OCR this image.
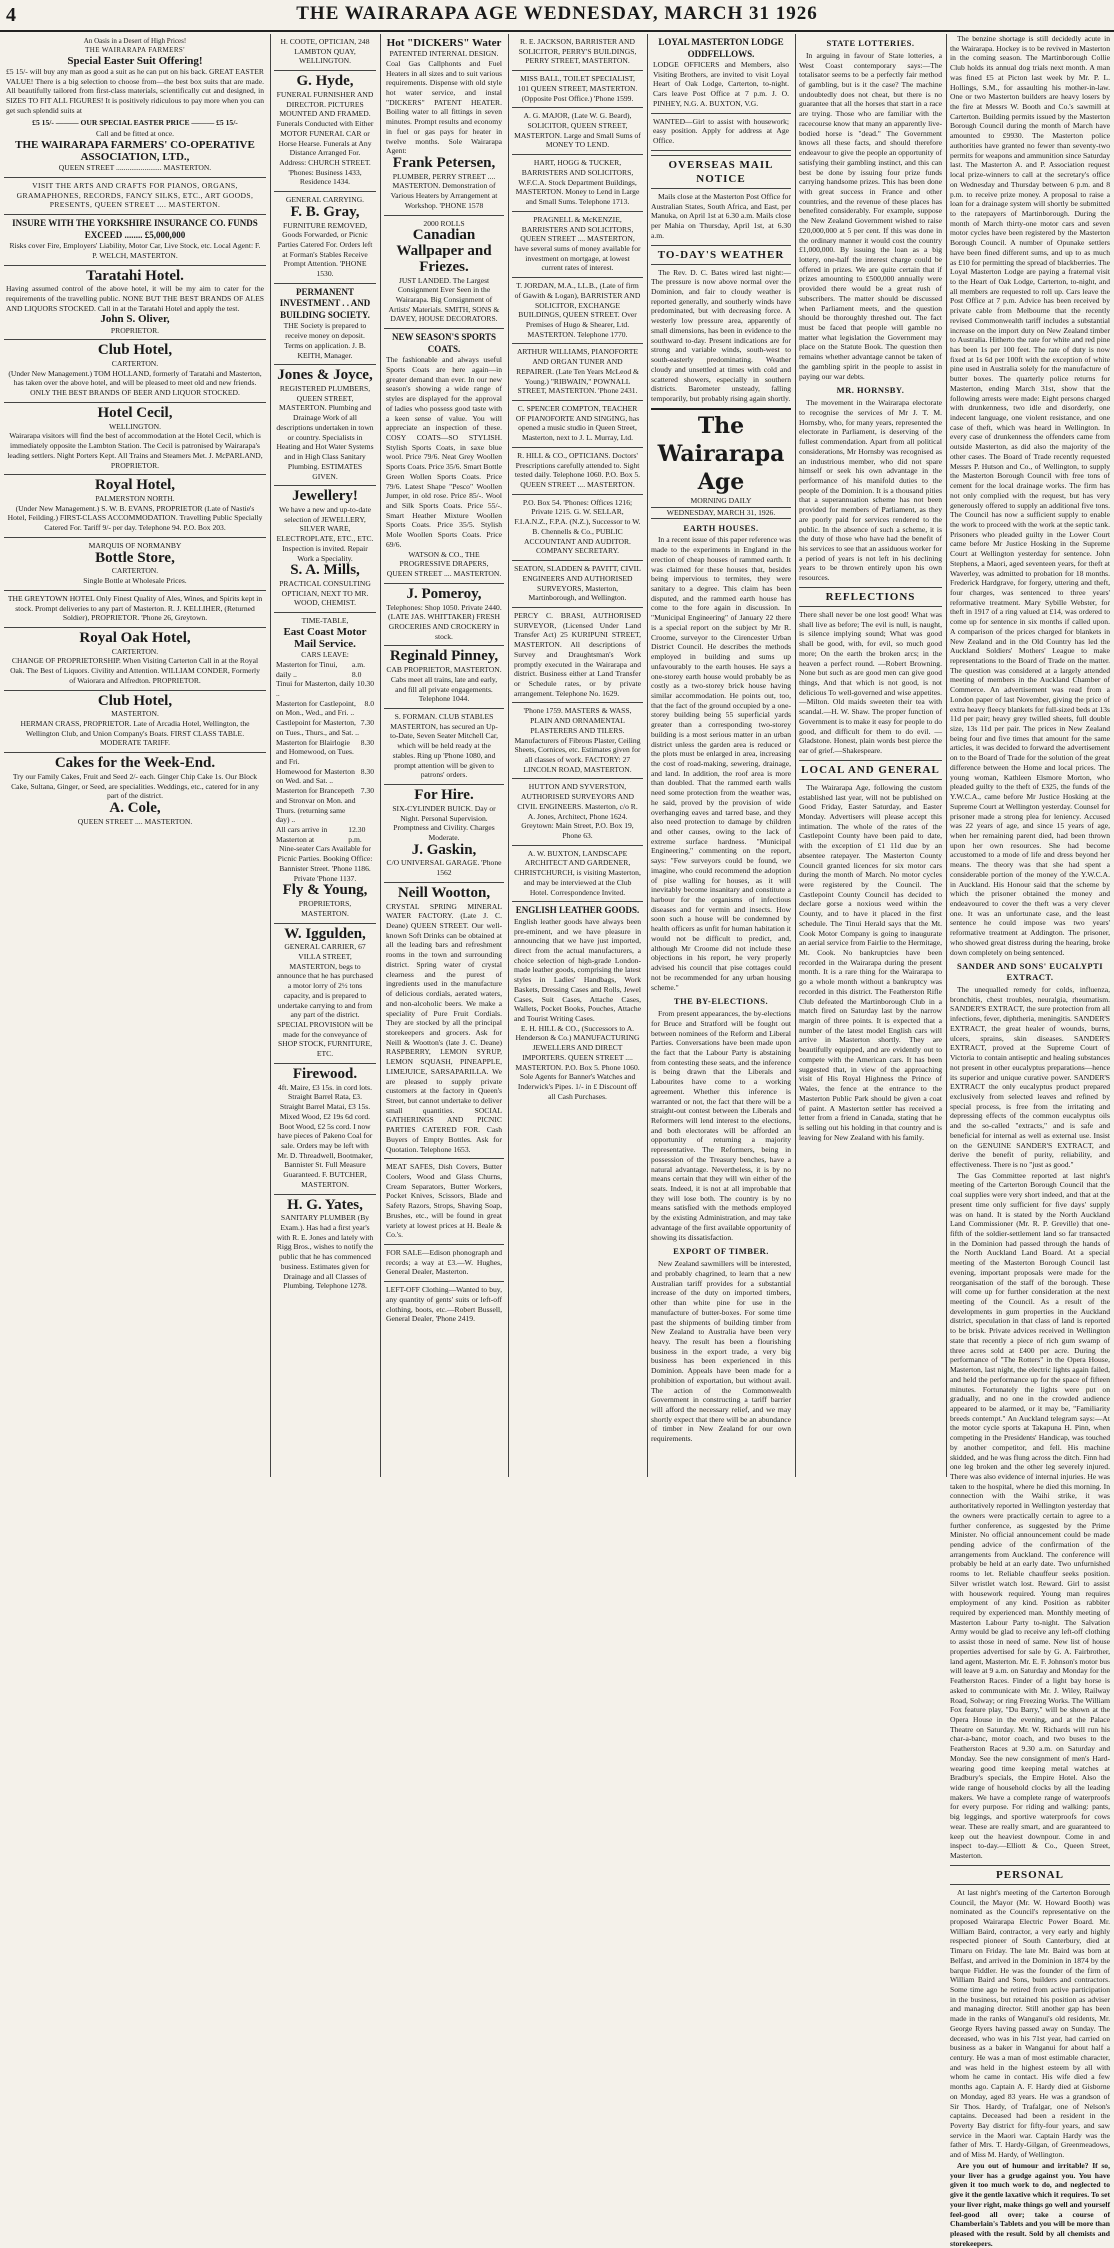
4	THE WAIRARAPA AGE WEDNESDAY, MARCH 31 1926

An Oasis in a Desert of High Prices!

THE WAIRARAPA FARMERS'

Special Easter Suit Offering!

£5 15/- will buy any man as good a suit as he can put on his back. GREAT EASTER VALUE! There is a big selection to choose from—the best box suits that are made. All beautifully tailored from first-class materials, scientifically cut and designed, in SIZES TO FIT ALL FIGURES! It is positively ridiculous to pay more when you can get such splendid suits at

£5 15/- ——— OUR SPECIAL EASTER PRICE ——— £5 15/-

Call and be fitted at once.

THE WAIRARAPA FARMERS' CO-OPERATIVE ASSOCIATION, LTD.,

QUEEN STREET ........................ MASTERTON.

VISIT THE ARTS AND CRAFTS FOR PIANOS, ORGANS, GRAMAPHONES, RECORDS, FANCY SILKS, ETC., ART GOODS, PRESENTS, QUEEN STREET .... MASTERTON.

INSURE WITH THE YORKSHIRE INSURANCE CO. FUNDS EXCEED ........ £5,000,000

Risks cover Fire, Employers' Liability, Motor Car, Live Stock, etc. Local Agent: F. P. WELCH, MASTERTON.

Taratahi Hotel.

Having assumed control of the above hotel, it will be my aim to cater for the requirements of the travelling public. NONE BUT THE BEST BRANDS OF ALES AND LIQUORS STOCKED. Call in at the Taratahi Hotel and apply the test.

John S. Oliver,

PROPRIETOR.

Club Hotel,

CARTERTON.

(Under New Management.) TOM HOLLAND, formerly of Taratahi and Masterton, has taken over the above hotel, and will be pleased to meet old and new friends. ONLY THE BEST BRANDS OF BEER AND LIQUOR STOCKED.

Hotel Cecil,

WELLINGTON.

Wairarapa visitors will find the best of accommodation at the Hotel Cecil, which is immediately opposite the Lambton Station. The Cecil is patronised by Wairarapa's leading settlers. Night Porters Kept. All Trains and Steamers Met. J. McPARLAND, PROPRIETOR.

Royal Hotel,

PALMERSTON NORTH.

(Under New Management.) S. W. B. EVANS, PROPRIETOR (Late of Nastie's Hotel, Feilding.) FIRST-CLASS ACCOMMODATION. Travelling Public Specially Catered For. Tariff 9/- per day. Telephone 94. P.O. Box 203.

MARQUIS OF NORMANBY

Bottle Store,

CARTERTON.

Single Bottle at Wholesale Prices.

THE GREYTOWN HOTEL Only Finest Quality of Ales, Wines, and Spirits kept in stock. Prompt deliveries to any part of Masterton. R. J. KELLIHER, (Returned Soldier), PROPRIETOR. 'Phone 26, Greytown.

Royal Oak Hotel,

CARTERTON.

CHANGE OF PROPRIETORSHIP. When Visiting Carterton Call in at the Royal Oak. The Best of Liquors. Civility and Attention. WILLIAM CONDER, Formerly of Waiorara and Alfredton. PROPRIETOR.

Club Hotel,

MASTERTON.

HERMAN CRASS, PROPRIETOR. Late of Arcadia Hotel, Wellington, the Wellington Club, and Union Company's Boats. FIRST CLASS TABLE. MODERATE TARIFF.

Cakes for the Week-End.

Try our Family Cakes, Fruit and Seed 2/- each. Ginger Chip Cake 1s. Our Block Cake, Sultana, Ginger, or Seed, are specialities. Weddings, etc., catered for in any part of the district.

A. Cole,

QUEEN STREET .... MASTERTON.

H. COOTE, OPTICIAN, 248 LAMBTON QUAY, WELLINGTON.

G. Hyde,

FUNERAL FURNISHER AND DIRECTOR. PICTURES MOUNTED AND FRAMED. Funerals Conducted with Either MOTOR FUNERAL CAR or Horse Hearse. Funerals at Any Distance Arranged For. Address: CHURCH STREET. 'Phones: Business 1433, Residence 1434.

GENERAL CARRYING.

F. B. Gray,

FURNITURE REMOVED, Goods Forwarded, or Picnic Parties Catered For. Orders left at Forman's Stables Receive Prompt Attention. 'PHONE 1530.

PERMANENT INVESTMENT . . AND BUILDING SOCIETY.

THE Society is prepared to receive money on deposit. Terms on application. J. B. KEITH, Manager.

Jones & Joyce,

REGISTERED PLUMBERS, QUEEN STREET, MASTERTON. Plumbing and Drainage Work of all descriptions undertaken in town or country. Specialists in Heating and Hot Water Systems and in High Class Sanitary Plumbing. ESTIMATES GIVEN.

Jewellery!

We have a new and up-to-date selection of JEWELLERY, SILVER WARE, ELECTROPLATE, ETC., ETC. Inspection is invited. Repair Work a Speciality.

S. A. Mills,

PRACTICAL CONSULTING OPTICIAN, NEXT TO MR. WOOD, CHEMIST.

TIME-TABLE,

East Coast Motor Mail Service.

CARS LEAVE:

Masterton for Tinui, daily ..
a.m. 8.0
Tinui for Masterton, daily ..
10.30
Masterton for Castlepoint, on Mon., Wed., and Fri. ..
8.0
Castlepoint for Masterton, on Tues., Thurs., and Sat. ..
7.30
Masterton for Blairlogie and Homewood, on Tues. and Fri.
8.30
Homewood for Masterton on Wed. and Sat. ..
8.30
Masterton for Brancepeth and Stronvar on Mon. and Thurs. (returning same day) ..
7.30
All cars arrive in Masterton at
12.30 p.m.

Nine-seater Cars Available for Picnic Parties. Booking Office: Bannister Street. 'Phone 1186. Private 'Phone 1137.

Fly & Young,

PROPRIETORS, MASTERTON.

W. Iggulden,

GENERAL CARRIER, 67 VILLA STREET, MASTERTON, begs to announce that he has purchased a motor lorry of 2½ tons capacity, and is prepared to undertake carrying to and from any part of the district. SPECIAL PROVISION will be made for the conveyance of SHOP STOCK, FURNITURE, ETC.

Firewood.

4ft. Maire, £3 15s. in cord lots. Straight Barrel Rata, £3. Straight Barrel Matai, £3 15s. Mixed Wood, £2 19s 6d cord. Boot Wood, £2 5s cord. I now have pieces of Pakeno Coal for sale. Orders may be left with Mr. D. Threadwell, Bootmaker, Bannister St. Full Measure Guaranteed. F. BUTCHER, MASTERTON.

H. G. Yates,

SANITARY PLUMBER (By Exam.). Has had a first year's with R. E. Jones and lately with Rigg Bros., wishes to notify the public that he has commenced business. Estimates given for Drainage and all Classes of Plumbing. Telephone 1278.

Hot "DICKERS" Water

PATENTED INTERNAL DESIGN.

Coal Gas Callphonts and Fuel Heaters in all sizes and to suit various requirements. Dispense with old style hot water service, and instal "DICKERS" PATENT HEATER. Boiling water to all fittings in seven minutes. Prompt results and economy in fuel or gas pays for heater in twelve months. Sole Wairarapa Agent:

Frank Petersen,

PLUMBER, PERRY STREET .... MASTERTON. Demonstration of Various Heaters by Arrangement at Workshop. 'PHONE 1578

2000 ROLLS

Canadian Wallpaper and Friezes.

JUST LANDED. The Largest Consignment Ever Seen in the Wairarapa. Big Consignment of Artists' Materials. SMITH, SONS & DAVEY, HOUSE DECORATORS.

NEW SEASON'S SPORTS COATS.

The fashionable and always useful Sports Coats are here again—in greater demand than ever. In our new season's showing a wide range of styles are displayed for the approval of ladies who possess good taste with a keen sense of value. You will appreciate an inspection of these. COSY COATS—SO STYLISH. Stylish Sports Coats, in saxe blue wool. Price 79/6. Neat Grey Woollen Sports Coats. Price 35/6. Smart Bottle Green Wollen Sports Coats. Price 79/6. Latest Shape "Pesco" Woollen Jumper, in old rose. Price 85/-. Wool and Silk Sports Coats. Price 55/-. Smart Heather Mixture Woollen Sports Coats. Price 35/5. Stylish Mole Woollen Sports Coats. Price 69/6.

WATSON & CO., THE PROGRESSIVE DRAPERS, QUEEN STREET .... MASTERTON.

J. Pomeroy,

Telephones: Shop 1050. Private 2440. (LATE JAS. WHITTAKER) FRESH GROCERIES AND CROCKERY in stock.

Reginald Pinney,

CAB PROPRIETOR, MASTERTON. Cabs meet all trains, late and early, and fill all private engagements. Telephone 1044.

S. FORMAN. CLUB STABLES MASTERTON, has secured an Up-to-Date, Seven Seater Mitchell Car, which will be held ready at the stables. Ring up 'Phone 1080, and prompt attention will be given to patrons' orders.

For Hire.

SIX-CYLINDER BUICK. Day or Night. Personal Supervision. Promptness and Civility. Charges Moderate.

J. Gaskin,

C/O UNIVERSAL GARAGE. 'Phone 1562

Neill Wootton,

CRYSTAL SPRING MINERAL WATER FACTORY. (Late J. C. Deane) QUEEN STREET. Our well-known Soft Drinks can be obtained at all the leading bars and refreshment rooms in the town and surrounding district. Spring water of crystal clearness and the purest of ingredients used in the manufacture of delicious cordials, aerated waters, and non-alcoholic beers. We make a speciality of Pure Fruit Cordials. They are stocked by all the principal storekeepers and grocers. Ask for Neill & Wootton's (late J. C. Deane) RASPBERRY, LEMON SYRUP, LEMON SQUASH, PINEAPPLE, LIMEJUICE, SARSAPARILLA. We are pleased to supply private customers at the factory in Queen's Street, but cannot undertake to deliver small quantities. SOCIAL GATHERINGS AND PICNIC PARTIES CATERED FOR. Cash Buyers of Empty Bottles. Ask for Quotation. Telephone 1653.

MEAT SAFES, Dish Covers, Butter Coolers, Wood and Glass Churns, Cream Separators, Butter Workers, Pocket Knives, Scissors, Blade and Safety Razors, Strops, Shaving Soap, Brushes, etc., will be found in great variety at lowest prices at H. Beale & Co.'s.

FOR SALE—Edison phonograph and records; a way at £3.—W. Hughes, General Dealer, Masterton.

LEFT-OFF Clothing—Wanted to buy, any quantity of gents' suits or left-off clothing, boots, etc.—Robert Bussell, General Dealer, 'Phone 2419.

R. E. JACKSON, BARRISTER AND SOLICITOR, PERRY'S BUILDINGS, PERRY STREET, MASTERTON.

MISS BALL, TOILET SPECIALIST, 101 QUEEN STREET, MASTERTON. (Opposite Post Office.) 'Phone 1599.

A. G. MAJOR, (Late W. G. Beard), SOLICITOR, QUEEN STREET, MASTERTON. Large and Small Sums of MONEY TO LEND.

HART, HOGG & TUCKER, BARRISTERS AND SOLICITORS, W.F.C.A. Stock Department Buildings, MASTERTON. Money to Lend in Large and Small Sums. Telephone 1713.

PRAGNELL & McKENZIE, BARRISTERS AND SOLICITORS, QUEEN STREET .... MASTERTON, have several sums of money available for investment on mortgage, at lowest current rates of interest.

T. JORDAN, M.A., LL.B., (Late of firm of Gawith & Logan), BARRISTER AND SOLICITOR, EXCHANGE BUILDINGS, QUEEN STREET. Over Premises of Hugo & Shearer, Ltd. MASTERTON. Telephone 1770.

ARTHUR WILLIAMS, PIANOFORTE AND ORGAN TUNER AND REPAIRER. (Late Ten Years McLeod & Young.) "RIBWAIN," POWNALL STREET, MASTERTON. 'Phone 2431.

C. SPENCER COMPTON, TEACHER OF PIANOFORTE AND SINGING, has opened a music studio in Queen Street, Masterton, next to J. L. Murray, Ltd.

R. HILL & CO., OPTICIANS. Doctors' Prescriptions carefully attended to. Sight tested daily. Telephone 1060. P.O. Box 5. QUEEN STREET .... MASTERTON.

P.O. Box 54. 'Phones: Offices 1216; Private 1215. G. W. SELLAR, F.I.A.N.Z., F.P.A. (N.Z.), Successor to W. B. Chennells & Co., PUBLIC ACCOUNTANT AND AUDITOR. COMPANY SECRETARY.

SEATON, SLADDEN & PAVITT, CIVIL ENGINEERS AND AUTHORISED SURVEYORS, Masterton, Martinborough, and Wellington.

PERCY C. BRASI, AUTHORISED SURVEYOR, (Licensed Under Land Transfer Act) 25 KURIPUNI STREET, MASTERTON. All descriptions of Survey and Draughtsman's Work promptly executed in the Wairarapa and district. Business either at Land Transfer or Schedule rates, or by private arrangement. Telephone No. 1629.

'Phone 1759. MASTERS & WASS, PLAIN AND ORNAMENTAL PLASTERERS AND TILERS. Manufacturers of Fibrous Plaster, Ceiling Sheets, Cornices, etc. Estimates given for all classes of work. FACTORY: 27 LINCOLN ROAD, MASTERTON.

HUTTON AND SYVERSTON, AUTHORISED SURVEYORS AND CIVIL ENGINEERS. Masterton, c/o R. A. Jones, Architect, Phone 1624. Greytown: Main Street, P.O. Box 19, Phone 63.

A. W. BUXTON, LANDSCAPE ARCHITECT AND GARDENER, CHRISTCHURCH, is visiting Masterton, and may be interviewed at the Club Hotel. Correspondence Invited.

ENGLISH LEATHER GOODS.

English leather goods have always been pre-eminent, and we have pleasure in announcing that we have just imported, direct from the actual manufacturers, a choice selection of high-grade London-made leather goods, comprising the latest styles in Ladies' Handbags, Work Baskets, Dressing Cases and Rolls, Jewel Cases, Suit Cases, Attache Cases, Wallets, Pocket Books, Pouches, Attache and Tourist Writing Cases.

E. H. HILL & CO., (Successors to A. Henderson & Co.) MANUFACTURING JEWELLERS AND DIRECT IMPORTERS. QUEEN STREET .... MASTERTON. P.O. Box 5. Phone 1060. Sole Agents for Banner's Watches and Inderwick's Pipes. 1/- in £ Discount off all Cash Purchases.

LOYAL MASTERTON LODGE ODDFELLOWS.

LODGE OFFICERS and Members, also Visiting Brothers, are invited to visit Loyal Heart of Oak Lodge, Carterton, to-night. Cars leave Post Office at 7 p.m. J. O. PINHEY, N.G. A. BUXTON, V.G.

WANTED—Girl to assist with housework; easy position. Apply for address at Age Office.

OVERSEAS MAIL NOTICE

Mails close at the Masterton Post Office for Australian States, South Africa, and East, per Manuka, on April 1st at 6.30 a.m. Mails close per Mahia on Thursday, April 1st, at 6.30 a.m.

TO-DAY'S WEATHER

The Rev. D. C. Bates wired last night:—The pressure is now above normal over the Dominion, and fair to cloudy weather is reported generally, and southerly winds have predominated, but with decreasing force. A westerly low pressure area, apparently of small dimensions, has been in evidence to the southward to-day. Present indications are for strong and variable winds, south-west to south-easterly predominating. Weather cloudy and unsettled at times with cold and scattered showers, especially in southern districts. Barometer unsteady, falling temporarily, but probably rising again shortly.

The Wairarapa Age

MORNING DAILY

WEDNESDAY, MARCH 31, 1926.

EARTH HOUSES.

In a recent issue of this paper reference was made to the experiments in England in the erection of cheap houses of rammed earth. It was claimed for these houses that, besides being impervious to termites, they were sanitary to a degree. This claim has been disputed, and the rammed earth house has come to the fore again in discussion. In "Municipal Engineering" of January 22 there is a special report on the subject by Mr R. Croome, surveyor to the Cirencester Urban District Council. He describes the methods employed in building and sums up unfavourably to the earth houses. He says a one-storey earth house would probably be as costly as a two-storey brick house having similar accommodation. He points out, too, that the fact of the ground occupied by a one-storey building being 55 superficial yards greater than a corresponding two-storey building is a most serious matter in an urban district unless the garden area is reduced or the plots must be enlarged in area, increasing the cost of road-making, sewering, drainage, and land. In addition, the roof area is more than doubled. That the rammed earth walls need some protection from the weather was, he said, proved by the provision of wide overhanging eaves and tarred base, and they also need protection to damage by children and other causes, owing to the lack of extreme surface hardness. "Municipal Engineering," commenting on the report, says: "Few surveyors could be found, we imagine, who could recommend the adoption of pise walling for houses, as it will inevitably become insanitary and constitute a harbour for the organisms of infectious diseases and for vermin and insects. How soon such a house will be condemned by health officers as unfit for human habitation it would not be difficult to predict, and, although Mr Croome did not include these objections in his report, he very properly advised his council that pise cottages could not be recommended for any urban housing scheme."

THE BY-ELECTIONS.

From present appearances, the by-elections for Bruce and Stratford will be fought out between nominees of the Reform and Liberal Parties. Conversations have been made upon the fact that the Labour Party is abstaining from contesting these seats, and the inference is being drawn that the Liberals and Labourites have come to a working agreement. Whether this inference is warranted or not, the fact that there will be a straight-out contest between the Liberals and Reformers will lend interest to the elections, and both electorates will be afforded an opportunity of returning a majority representative. The Reformers, being in possession of the Treasury benches, have a natural advantage. Nevertheless, it is by no means certain that they will win either of the seats. Indeed, it is not at all improbable that they will lose both. The country is by no means satisfied with the methods employed by the existing Administration, and may take advantage of the first available opportunity of showing its dissatisfaction.

EXPORT OF TIMBER.

New Zealand sawmillers will be interested, and probably chagrined, to learn that a new Australian tariff provides for a substantial increase of the duty on imported timbers, other than white pine for use in the manufacture of butter-boxes. For some time past the shipments of building timber from New Zealand to Australia have been very heavy. The result has been a flourishing business in the export trade, a very big business has been experienced in this Dominion. Appeals have been made for a prohibition of exportation, but without avail. The action of the Commonwealth Government in constructing a tariff barrier will afford the necessary relief, and we may shortly expect that there will be an abundance of timber in New Zealand for our own requirements.

STATE LOTTERIES.

In arguing in favour of State lotteries, a West Coast contemporary says:—The totalisator seems to be a perfectly fair method of gambling, but is it the case? The machine undoubtedly does not cheat, but there is no guarantee that all the horses that start in a race are trying. Those who are familiar with the racecourse know that many an apparently live-bodied horse is "dead." The Government knows all these facts, and should therefore endeavour to give the people an opportunity of satisfying their gambling instinct, and this can best be done by issuing four prize funds carrying handsome prizes. This has been done with great success in France and other countries, and the revenue of these places has benefited considerably. For example, suppose the New Zealand Government wished to raise £20,000,000 at 5 per cent. If this was done in the ordinary manner it would cost the country £1,000,000. By issuing the loan as a big lottery, one-half the interest charge could be offered in prizes. We are quite certain that if prizes amounting to £500,000 annually were provided there would be a great rush of subscribers. The matter should be discussed when Parliament meets, and the question should be thoroughly threshed out. The fact must be faced that people will gamble no matter what legislation the Government may place on the Statute Book. The question then remains whether advantage cannot be taken of the gambling spirit in the people to assist in paying our war debts.

MR. HORNSBY.

The movement in the Wairarapa electorate to recognise the services of Mr J. T. M. Hornsby, who, for many years, represented the electorate in Parliament, is deserving of the fullest commendation. Apart from all political considerations, Mr Hornsby was recognised as an industrious member, who did not spare himself or seek his own advantage in the performance of his manifold duties to the people of the Dominion. It is a thousand pities that a superannuation scheme has not been provided for members of Parliament, as they are poorly paid for services rendered to the public. In the absence of such a scheme, it is the duty of those who have had the benefit of his services to see that an assiduous worker for a period of years is not left in his declining years to be thrown entirely upon his own resources.

REFLECTIONS

There shall never be one lost good! What was shall live as before; The evil is null, is naught, is silence implying sound; What was good shall be good, with, for evil, so much good more; On the earth the broken arcs; in the heaven a perfect round. —Robert Browning. None but such as are good men can give good things, And that which is not good, is not delicious To well-governed and wise appetites. —Milton. Old maids sweeten their tea with scandal.—H. W. Shaw. The proper function of Government is to make it easy for people to do good, and difficult for them to do evil. —Gladstone. Honest, plain words best pierce the ear of grief.—Shakespeare.

LOCAL AND GENERAL

The Wairarapa Age, following the custom established last year, will not be published on Good Friday, Easter Saturday, and Easter Monday. Advertisers will please accept this intimation. The whole of the rates of the Castlepoint County have been paid to date, with the exception of £1 11d due by an absentee ratepayer. The Masterton County Council granted licences for six motor cars during the month of March. No motor cycles were registered by the Council. The Castlepoint County Council has decided to declare gorse a noxious weed within the County, and to have it placed in the first schedule. The Tinui Herald says that the Mt. Cook Motor Company is going to inaugurate an aerial service from Fairlie to the Hermitage, Mt. Cook. No bankruptcies have been recorded in the Wairarapa during the present month. It is a rare thing for the Wairarapa to go a whole month without a bankruptcy was recorded in this district. The Featherston Rifle Club defeated the Martinborough Club in a match fired on Saturday last by the narrow margin of three points. It is expected that a number of the latest model English cars will arrive in Masterton shortly. They are beautifully equipped, and are evidently out to compete with the American cars. It has been suggested that, in view of the approaching visit of His Royal Highness the Prince of Wales, the fence at the entrance to the Masterton Public Park should be given a coat of paint. A Masterton settler has received a letter from a friend in Canada, stating that he is selling out his holding in that country and is leaving for New Zealand with his family.

The benzine shortage is still decidedly acute in the Wairarapa. Hockey is to be revived in Masterton in the coming season. The Martinborough Collie Club holds its annual dog trials next month. A man was fined £5 at Picton last week by Mr. P. L. Hollings, S.M., for assaulting his mother-in-law. One or two Masterton builders are heavy losers by the fire at Messrs W. Booth and Co.'s sawmill at Carterton. Building permits issued by the Masterton Borough Council during the month of March have amounted to £9930. The Masterton police authorities have granted no fewer than seventy-two permits for weapons and ammunition since Saturday last. The Masterton A. and P. Association request local prize-winners to call at the secretary's office on Wednesday and Thursday between 6 p.m. and 8 p.m. to receive prize money. A proposal to raise a loan for a drainage system will shortly be submitted to the ratepayers of Martinborough. During the month of March thirty-one motor cars and seven motor cycles have been registered by the Masterton Borough Council. A number of Opunake settlers have been fined different sums, and up to as much as £10 for permitting the spread of blackberries. The Loyal Masterton Lodge are paying a fraternal visit to the Heart of Oak Lodge, Carterton, to-night, and all members are requested to roll up. Cars leave the Post Office at 7 p.m. Advice has been received by private cable from Melbourne that the recently revised Commonwealth tariff includes a substantial increase on the import duty on New Zealand timber to Australia. Hitherto the rate for white and red pine has been 1s per 100 feet. The rate of duty is now fixed at 1s 6d per 100ft with the exception of white pine used in Australia solely for the manufacture of butter boxes. The quarterly police returns for Masterton, ending March 31st, show that the following arrests were made: Eight persons charged with drunkenness, two idle and disorderly, one indecent language, one violent resistance, and one case of theft, which was heard in Wellington. In every case of drunkenness the offenders came from outside Masterton, as did also the majority of the other cases. The Board of Trade recently requested Messrs P. Hutson and Co., of Wellington, to supply the Masterton Borough Council with free tons of cement for the local drainage works. The firm has not only complied with the request, but has very generously offered to supply an additional five tons. The Council has now a sufficient supply to enable the work to proceed with the work at the septic tank. Prisoners who pleaded guilty in the Lower Court came before Mr Justice Hosking in the Supreme Court at Wellington yesterday for sentence. John Stephens, a Maori, aged seventeen years, for theft at Waverley, was admitted to probation for 18 months. Frederick Hardgrave, for forgery, uttering and theft, four charges, was sentenced to three years' reformative treatment. Mary Sybille Webster, for theft in 1917 of a ring valued at £14, was ordered to come up for sentence in six months if called upon. A comparison of the prices charged for blankets in New Zealand and in the Old Country has led the Auckland Soldiers' Mothers' League to make representations to the Board of Trade on the matter. The question was considered at a largely attended meeting of members in the Auckland Chamber of Commerce. An advertisement was read from a London paper of last November, giving the price of extra heavy fleecy blankets for full-sized beds at 13s 11d per pair; heavy grey twilled sheets, full double size, 13s 11d per pair. The prices in New Zealand being four and five times that amount for the same articles, it was decided to forward the advertisement on to the Board of Trade for the solution of the great difference between the Home and local prices. The young woman, Kathleen Elsmore Morton, who pleaded guilty to the theft of £325, the funds of the Y.W.C.A., came before Mr Justice Hosking at the Supreme Court at Wellington yesterday. Counsel for prisoner made a strong plea for leniency. Accused was 22 years of age, and since 15 years of age, when her remaining parent died, had been thrown upon her own resources. She had become accustomed to a mode of life and dress beyond her means. The theory was that she had spent a considerable portion of the money of the Y.W.C.A. in Auckland. His Honour said that the scheme by which the prisoner obtained the money and endeavoured to cover the theft was a very clever one. It was an unfortunate case, and the least sentence he could impose was two years' reformative treatment at Addington. The prisoner, who showed great distress during the hearing, broke down completely on being sentenced.

SANDER AND SONS' EUCALYPTI EXTRACT.

The unequalled remedy for colds, influenza, bronchitis, chest troubles, neuralgia, rheumatism. SANDER'S EXTRACT, the sure protection from all infections, fever, diphtheria, meningitis. SANDER'S EXTRACT, the great healer of wounds, burns, ulcers, sprains, skin diseases. SANDER'S EXTRACT, proved at the Supreme Court of Victoria to contain antiseptic and healing substances not present in other eucalyptus preparations—hence its superior and unique curative power. SANDER'S EXTRACT the only eucalyptus product prepared exclusively from selected leaves and refined by special process, is free from the irritating and depressing effects of the common eucalyptus oils and the so-called "extracts," and is safe and beneficial for internal as well as external use. Insist on the GENUINE SANDER'S EXTRACT, and derive the benefit of purity, reliability, and effectiveness. There is no "just as good."

The Gas Committee reported at last night's meeting of the Carterton Borough Council that the coal supplies were very short indeed, and that at the present time only sufficient for five days' supply was on hand. It is stated by the North Auckland Land Commissioner (Mr. R. P. Greville) that one-fifth of the soldier-settlement land so far transacted in the Dominion had passed through the hands of the North Auckland Land Board. At a special meeting of the Masterton Borough Council last evening, important proposals were made for the reorganisation of the staff of the borough. These will come up for further consideration at the next meeting of the Council. As a result of the developments in gum properties in the Auckland district, speculation in that class of land is reported to be brisk. Private advices received in Wellington state that recently a piece of rich gum swamp of three acres sold at £400 per acre. During the performance of "The Rotters" in the Opera House, Masterton, last night, the electric lights again failed, and held the performance up for the space of fifteen minutes. Fortunately the lights were put on gradually, and no one in the crowded audience appeared to be alarmed, or it may be, "Familiarity breeds contempt." An Auckland telegram says:—At the motor cycle sports at Takapuna H. Pinn, when competing in the Presidents' Handicap, was touched by another competitor, and fell. His machine skidded, and he was flung across the ditch. Finn had one leg broken and the other leg severely injured. There was also evidence of internal injuries. He was taken to the hospital, where he died this morning. In connection with the Waihi strike, it was authoritatively reported in Wellington yesterday that the owners were practically certain to agree to a further conference, as suggested by the Prime Minister. No official announcement could be made pending advice of the confirmation of the arrangements from Auckland. The conference will probably be held at an early date. Two unfurnished rooms to let. Reliable chauffeur seeks position. Silver wristlet watch lost. Reward. Girl to assist with housework required. Young man requires employment of any kind. Position as rabbiter required by experienced man. Monthly meeting of Masterton Labour Party to-night. The Salvation Army would be glad to receive any left-off clothing to assist those in need of same. New list of house properties advertised for sale by G. A. Fairbrother, land agent, Masterton. Mr. E. F. Johnson's motor bus will leave at 9 a.m. on Saturday and Monday for the Featherston Races. Finder of a light bay horse is asked to communicate with Mr. J. Wiley, Railway Road, Solway; or ring Freezing Works. The William Fox feature play, "Du Barry," will be shown at the Opera House in the evening, and at the Palace Theatre on Saturday. Mr. W. Richards will run his char-a-banc, motor coach, and two buses to the Featherston Races at 9.30 a.m. on Saturday and Monday. See the new consignment of men's Hard-wearing good time keeping metal watches at Bradbury's specials, the Empire Hotel. Also the wide range of household clocks by all the leading makers. We have a complete range of waterproofs for every purpose. For riding and walking: pants, big leggings, and sportive waterproofs for cows wear. These are really smart, and are guaranteed to keep out the heaviest downpour. Come in and inspect to-day.—Elliott & Co., Queen Street, Masterton.

PERSONAL

At last night's meeting of the Carterton Borough Council, the Mayor (Mr. W. Howard Booth) was nominated as the Council's representative on the proposed Wairarapa Electric Power Board. Mr. William Baird, contractor, a very early and highly respected pioneer of South Canterbury, died at Timaru on Friday. The late Mr. Baird was born at Belfast, and arrived in the Dominion in 1874 by the barque Fiddler. He was the founder of the firm of William Baird and Sons, builders and contractors. Some time ago he retired from active participation in the business, but retained his position as adviser and managing director. Still another gap has been made in the ranks of Wanganui's old residents, Mr. George Ryers having passed away on Sunday. The deceased, who was in his 71st year, had carried on business as a baker in Wanganui for about half a century. He was a man of most estimable character, and was held in the highest esteem by all with whom he came in contact. His wife died a few months ago. Captain A. F. Hardy died at Gisborne on Monday, aged 83 years. He was a grandson of Sir Thos. Hardy, of Trafalgar, one of Nelson's captains. Deceased had been a resident in the Poverty Bay district for fifty-four years, and saw service in the Maori war. Captain Hardy was the father of Mrs. T. Hardy-Gilgan, of Greenmeadows, and of Miss M. Hardy, of Wellington.

Are you out of humour and irritable? If so, your liver has a grudge against you. You have given it too much work to do, and neglected to give it the gentle laxative which it requires. To set your liver right, make things go well and yourself feel-good all over; take a course of Chamberlain's Tablets and you will be more than pleased with the result. Sold by all chemists and storekeepers.
